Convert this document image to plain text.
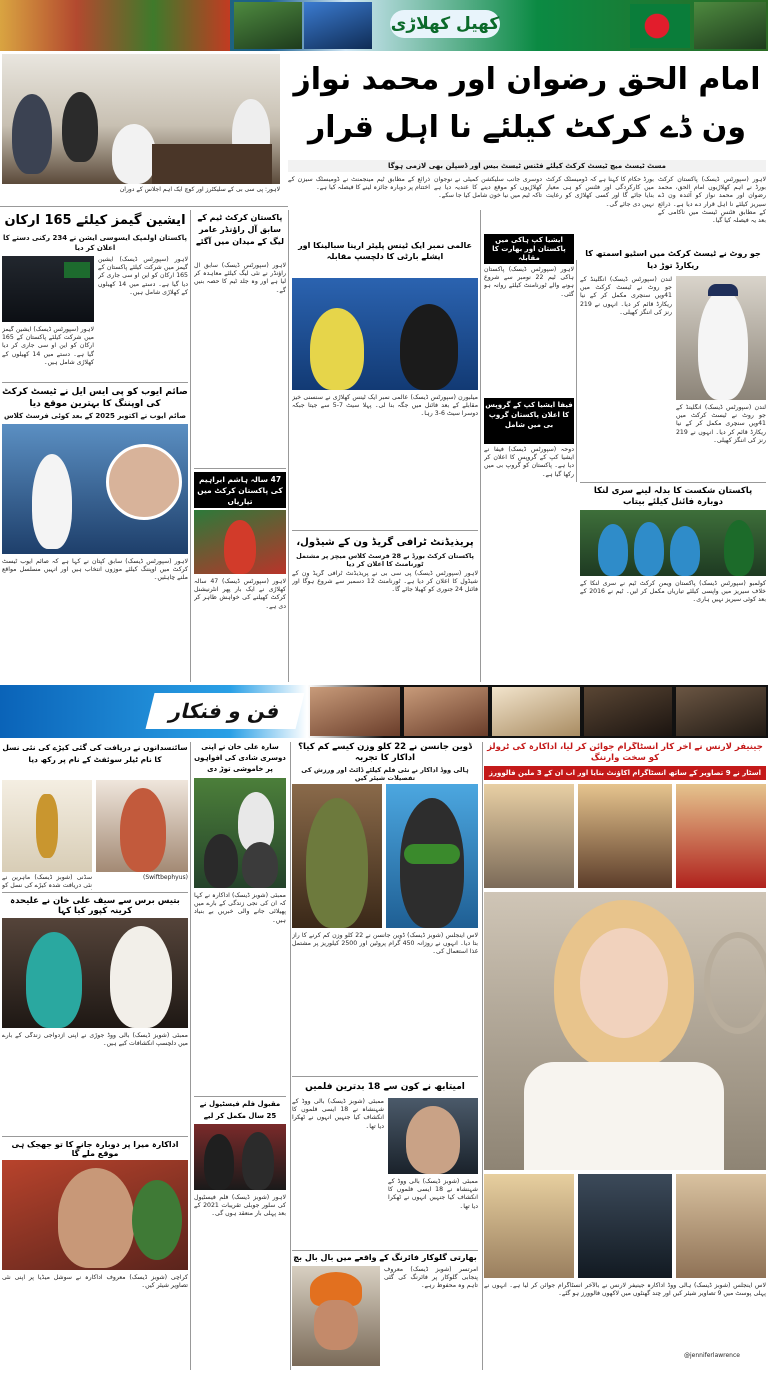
کھیل کھلاڑی
لاہور: پی سی بی کے سلیکٹرز اور کوچ ایک اہم اجلاس کے دوران
امام الحق رضوان اور محمد نواز ون ڈے کرکٹ کیلئے نا اہل قرار
مسٹ ٹیسٹ میچ ٹیسٹ کرکٹ کیلئے فٹنس ٹیسٹ بیس اور ڈسپلن بھی لازمی ہوگا
لاہور (سپورٹس ڈیسک) پاکستان کرکٹ بورڈ نے اہم کھلاڑیوں امام الحق، محمد رضوان اور محمد نواز کو آئندہ ون ڈے سیریز کیلئے نا اہل قرار دے دیا ہے۔ ذرائع کے مطابق فٹنس ٹیسٹ میں ناکامی کے بعد یہ فیصلہ کیا گیا۔
بورڈ حکام کا کہنا ہے کہ ڈومیسٹک کرکٹ میں کارکردگی اور فٹنس کو ہی معیار بنایا جائے گا اور کسی کھلاڑی کو رعایت نہیں دی جائے گی۔
دوسری جانب سلیکشن کمیٹی نے نوجوان کھلاڑیوں کو موقع دینے کا عندیہ دیا ہے تاکہ ٹیم میں نیا خون شامل کیا جا سکے۔
ذرائع کے مطابق ٹیم مینجمنٹ نے ڈومیسٹک سیزن کے اختتام پر دوبارہ جائزہ لینے کا فیصلہ کیا ہے۔
ایشین گیمز کیلئے 165 ارکان
پاکستان اولمپک ایسوسی ایشن نے 234 رکنی دستے کا اعلان کر دیا
لاہور (سپورٹس ڈیسک) ایشین گیمز میں شرکت کیلئے پاکستان کے 165 ارکان کو این او سی جاری کر دیا گیا ہے۔ دستے میں 14 کھیلوں کے کھلاڑی شامل ہیں۔
لاہور (سپورٹس ڈیسک) ایشین گیمز میں شرکت کیلئے پاکستان کے 165 ارکان کو این او سی جاری کر دیا گیا ہے۔ دستے میں 14 کھیلوں کے کھلاڑی شامل ہیں۔
صائم ایوب کو پی ایس ایل نے ٹیسٹ کرکٹ کی اوپننگ کا بہترین موقع دیا
صائم ایوب نے اکتوبر 2025 کے بعد کوئی فرسٹ کلاس
لاہور (سپورٹس ڈیسک) سابق کپتان نے کہا ہے کہ صائم ایوب ٹیسٹ کرکٹ میں اوپننگ کیلئے موزوں انتخاب ہیں اور انہیں مسلسل مواقع ملنے چاہئیں۔
پاکستان کرکٹ ٹیم کے سابق آل راؤنڈر عامر لیگ کے میدان میں آگئے
لاہور (سپورٹس ڈیسک) سابق آل راؤنڈر نے نئی لیگ کیلئے معاہدہ کر لیا ہے اور وہ جلد ٹیم کا حصہ بنیں گے۔
47 سالہ ہاشم ابراہیم کی پاکستان کرکٹ میں تیاریاں
لاہور (سپورٹس ڈیسک) 47 سالہ کھلاڑی نے ایک بار پھر انٹرنیشنل کرکٹ کھیلنے کی خواہش ظاہر کر دی ہے۔
عالمی نمبر ایک ٹینس پلیئر ارینا سبالینکا اور ایشلے بارٹی کا دلچسپ مقابلہ
میلبورن (سپورٹس ڈیسک) عالمی نمبر ایک ٹینس کھلاڑی نے سنسنی خیز مقابلے کے بعد فائنل میں جگہ بنا لی۔ پہلا سیٹ 7-5 سے جیتا جبکہ دوسرا سیٹ 6-3 رہا۔
پریذیڈنٹ ٹرافی گریڈ ون کے شیڈول،
پاکستان کرکٹ بورڈ نے 28 فرسٹ کلاس میچز پر مشتمل ٹورنامنٹ کا اعلان کر دیا
لاہور (سپورٹس ڈیسک) پی سی بی نے پریذیڈنٹ ٹرافی گریڈ ون کے شیڈول کا اعلان کر دیا ہے۔ ٹورنامنٹ 12 دسمبر سے شروع ہوگا اور فائنل 24 جنوری کو کھیلا جائے گا۔
ایشیا کپ ہاکی میں پاکستان اور بھارت کا مقابلہ
لاہور (سپورٹس ڈیسک) پاکستان ہاکی ٹیم 22 نومبر سے شروع ہونے والے ٹورنامنٹ کیلئے روانہ ہو گئی۔
فیفا ایشیا کپ کے گروپس کا اعلان پاکستان گروپ بی میں شامل
دوحہ (سپورٹس ڈیسک) فیفا نے ایشیا کپ کے گروپس کا اعلان کر دیا ہے۔ پاکستان کو گروپ بی میں رکھا گیا ہے۔
جو روٹ نے ٹیسٹ کرکٹ میں اسٹیو اسمتھ کا ریکارڈ توڑ دیا
لندن (سپورٹس ڈیسک) انگلینڈ کے جو روٹ نے ٹیسٹ کرکٹ میں 41ویں سنچری مکمل کر کے نیا ریکارڈ قائم کر دیا۔ انہوں نے 219 رنز کی اننگز کھیلی۔
لندن (سپورٹس ڈیسک) انگلینڈ کے جو روٹ نے ٹیسٹ کرکٹ میں 41ویں سنچری مکمل کر کے نیا ریکارڈ قائم کر دیا۔ انہوں نے 219 رنز کی اننگز کھیلی۔
پاکستان شکست کا بدلہ لینے سری لنکا دوبارہ فائنل کیلئے بیتاب
کولمبو (سپورٹس ڈیسک) پاکستان ویمن کرکٹ ٹیم نے سری لنکا کے خلاف سیریز میں واپسی کیلئے تیاریاں مکمل کر لیں۔ ٹیم نے 2016 کے بعد کوئی سیریز نہیں ہاری۔
فن و فنکار
جینیفر لارنس نے آخر کار انسٹاگرام جوائن کر لیا، اداکارہ کی ٹرولز کو سخت وارننگ
اسٹار نے 9 تصاویر کے ساتھ انسٹاگرام اکاؤنٹ بنایا اور اب ان کے 3 ملین فالوورز
لاس اینجلس (شوبز ڈیسک) ہالی ووڈ اداکارہ جینیفر لارنس نے بالآخر انسٹاگرام جوائن کر لیا ہے۔ انہوں نے پہلی پوسٹ میں 9 تصاویر شیئر کیں اور چند گھنٹوں میں لاکھوں فالوورز ہو گئے۔
@jenniferlawrence
ڈوین جانسن نے 22 کلو وزن کیسے کم کیا؟ اداکار کا تجربہ
ہالی ووڈ اداکار نے نئی فلم کیلئے ڈائٹ اور ورزش کی تفصیلات شیئر کیں
لاس اینجلس (شوبز ڈیسک) ڈوین جانسن نے 22 کلو وزن کم کرنے کا راز بتا دیا۔ انہوں نے روزانہ 450 گرام پروٹین اور 2500 کیلوریز پر مشتمل غذا استعمال کی۔
امیتابھ نے کون سے 18 بدترین فلمیں
ممبئی (شوبز ڈیسک) بالی ووڈ کے شہنشاہ نے 18 ایسی فلموں کا انکشاف کیا جنہیں انہوں نے ٹھکرا دیا تھا۔
ممبئی (شوبز ڈیسک) بالی ووڈ کے شہنشاہ نے 18 ایسی فلموں کا انکشاف کیا جنہیں انہوں نے ٹھکرا دیا تھا۔
بھارتی گلوکار فائرنگ کے واقعے میں بال بال بچ
امرتسر (شوبز ڈیسک) معروف پنجابی گلوکار پر فائرنگ کی گئی تاہم وہ محفوظ رہے۔
سارہ علی خان نے اپنی دوسری شادی کی افواہوں پر خاموشی توڑ دی
ممبئی (شوبز ڈیسک) اداکارہ نے کہا کہ ان کی نجی زندگی کے بارے میں پھیلائی جانے والی خبریں بے بنیاد ہیں۔
مقبول فلم فیسٹیول نے 25 سال مکمل کر لیے
لاہور (شوبز ڈیسک) فلم فیسٹیول کی سلور جوبلی تقریبات 2021 کے بعد پہلی بار منعقد ہوں گی۔
سائنسدانوں نے دریافت کی گئی کیڑے کی نئی نسل کا نام ٹیلر سوئفٹ کے نام پر رکھ دیا
(Swiftbephyus)
سڈنی (شوبز ڈیسک) ماہرین نے نئی دریافت شدہ کیڑے کی نسل کو
بتیس برس سے سیف علی خان نے علیحدہ کرینہ کپور کیا کہا
ممبئی (شوبز ڈیسک) بالی ووڈ جوڑی نے اپنی ازدواجی زندگی کے بارے میں دلچسپ انکشافات کیے ہیں۔
اداکارہ میرا پر دوبارہ جانے کا تو جھجک ہی موقع ملے گا
کراچی (شوبز ڈیسک) معروف اداکارہ نے سوشل میڈیا پر اپنی نئی تصاویر شیئر کیں۔
